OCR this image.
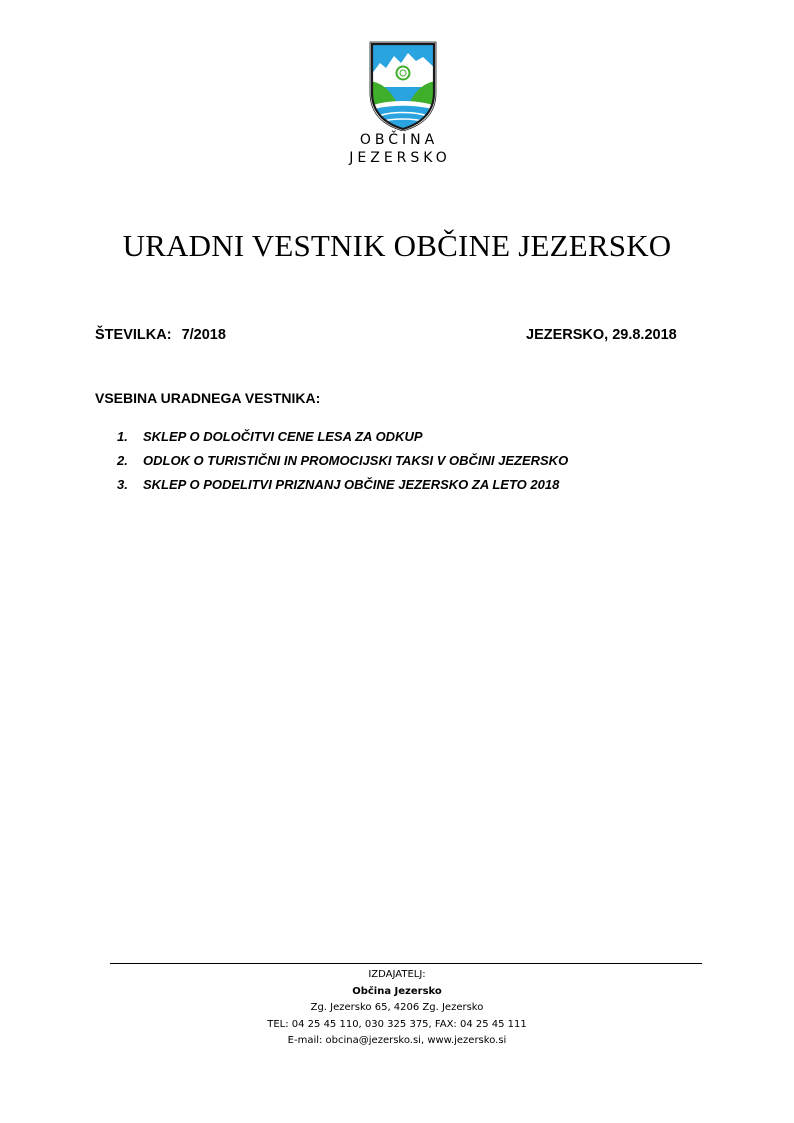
OBČINA
JEZERSKO
URADNI VESTNIK OBČINE JEZERSKO
ŠTEVILKA: 7/2018	JEZERSKO, 29.8.2018
VSEBINA URADNEGA VESTNIKA:
1. SKLEP O DOLOČITVI CENE LESA ZA ODKUP
2. ODLOK O TURISTIČNI IN PROMOCIJSKI TAKSI V OBČINI JEZERSKO
3. SKLEP O PODELITVI PRIZNANJ OBČINE JEZERSKO ZA LETO 2018
IZDAJATELJ:
Občina Jezersko
Zg. Jezersko 65, 4206 Zg. Jezersko
TEL: 04 25 45 110, 030 325 375, FAX: 04 25 45 111
E-mail: obcina@jezersko.si, www.jezersko.si
